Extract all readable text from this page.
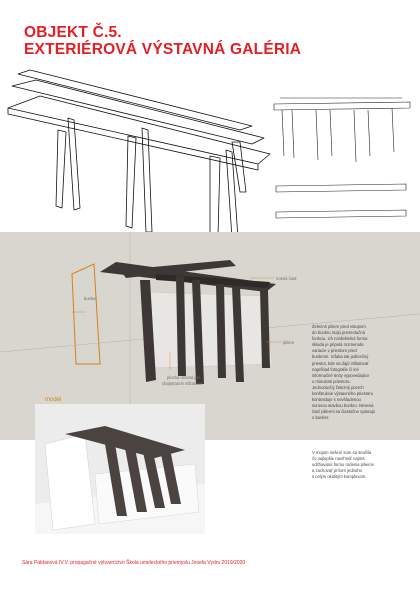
OBJEKT Č.5.
EXTERIÉROVÁ VÝSTAVNÁ GALÉRIA
bunker
nosná časť
piliere
plocha určená pre
obojstranné inštalácie
Železné piliere pred vstupom
do bunkru majú prezentačnú
funkciu, ich rozdelitelná forma
sklada je priputá rozmerode
variacie v priestore pred
bunkrom. Vďaka tak jedinečný
priestor, kde sa dajú inštalovať
napríklad fotografie či iné
informačné texty vypovedajúce
o minulosti priestoru.
Jednoduchý železný povrch
konštrukcie výstavného priestoru
kontrastuje s nevhladenou
surovou stavbou bunkru. Nesená
časť piliermi sa čiastočne opierajú
o bunker.
V mojom riešení som sa snažila
čo najlepšie navrhnúť najmä
udržiavanú formu rodenia pilierov
a zachovať prírom jednoho
s celým okolitým komplexom.
model
Sára Paldanová IV.V. propagačné výtvarníctvo Škola umeleckého priemyslu Josefa Vydru 2019/2020
